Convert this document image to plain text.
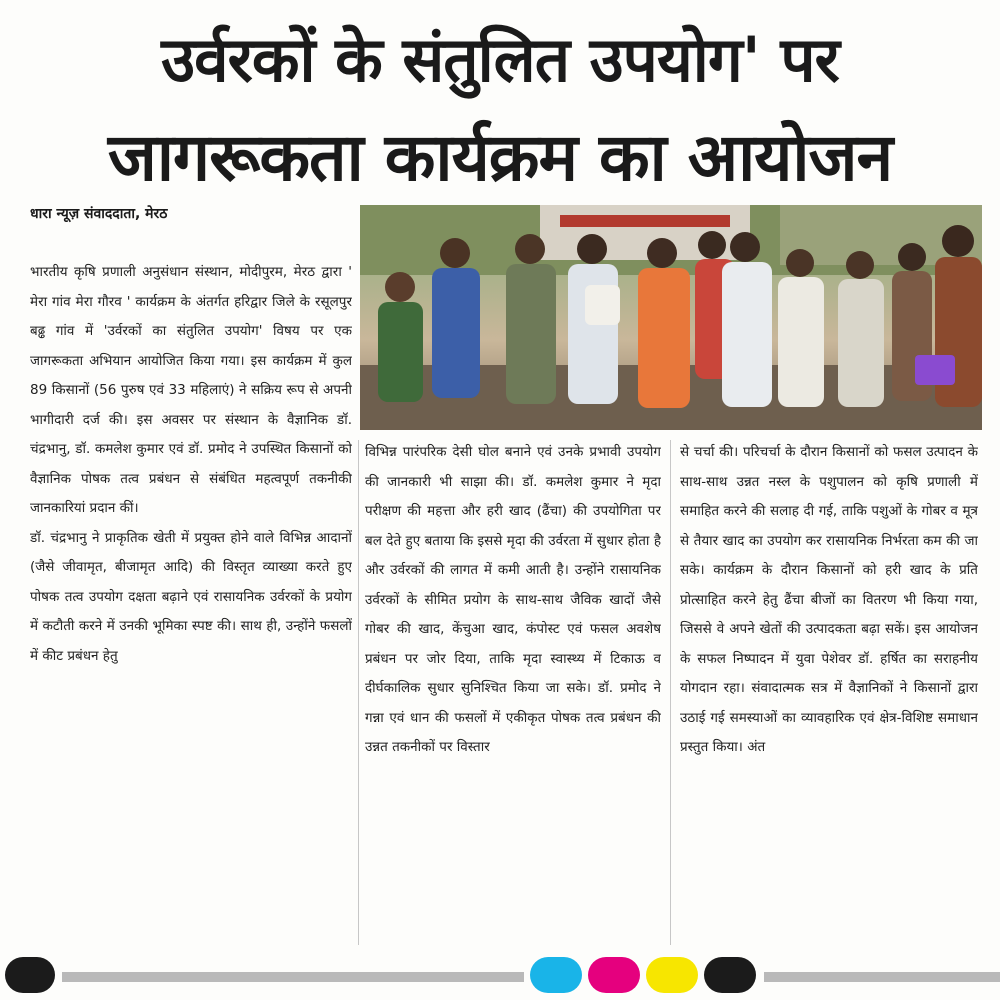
उर्वरकों के संतुलित उपयोग' पर
जागरूकता कार्यक्रम का आयोजन
धारा न्यूज़ संवाददाता, मेरठ

भारतीय कृषि प्रणाली अनुसंधान संस्थान, मोदीपुरम, मेरठ द्वारा ' मेरा गांव मेरा गौरव ' कार्यक्रम के अंतर्गत हरिद्वार जिले के रसूलपुर बढ्ढ गांव में 'उर्वरकों का संतुलित उपयोग' विषय पर एक जागरूकता अभियान आयोजित किया गया। इस कार्यक्रम में कुल 89 किसानों (56 पुरुष एवं 33 महिलाएं) ने सक्रिय रूप से अपनी भागीदारी दर्ज की। इस अवसर पर संस्थान के वैज्ञानिक डॉ. चंद्रभानु, डॉ. कमलेश कुमार एवं डॉ. प्रमोद ने उपस्थित किसानों को वैज्ञानिक पोषक तत्व प्रबंधन से संबंधित महत्वपूर्ण तकनीकी जानकारियां प्रदान कीं।

डॉ. चंद्रभानु ने प्राकृतिक खेती में प्रयुक्त होने वाले विभिन्न आदानों (जैसे जीवामृत, बीजामृत आदि) की विस्तृत व्याख्या करते हुए पोषक तत्व उपयोग दक्षता बढ़ाने एवं रासायनिक उर्वरकों के प्रयोग में कटौती करने में उनकी भूमिका स्पष्ट की। साथ ही, उन्होंने फसलों में कीट प्रबंधन हेतु

विभिन्न पारंपरिक देसी घोल बनाने एवं उनके प्रभावी उपयोग की जानकारी भी साझा की। डॉ. कमलेश कुमार ने मृदा परीक्षण की महत्ता और हरी खाद (ढैंचा) की उपयोगिता पर बल देते हुए बताया कि इससे मृदा की उर्वरता में सुधार होता है और उर्वरकों की लागत में कमी आती है। उन्होंने रासायनिक उर्वरकों के सीमित प्रयोग के साथ-साथ जैविक खादों जैसे गोबर की खाद, केंचुआ खाद, कंपोस्ट एवं फसल अवशेष प्रबंधन पर जोर दिया, ताकि मृदा स्वास्थ्य में टिकाऊ व दीर्घकालिक सुधार सुनिश्चित किया जा सके। डॉ. प्रमोद ने गन्ना एवं धान की फसलों में एकीकृत पोषक तत्व प्रबंधन की उन्नत तकनीकों पर विस्तार

से चर्चा की। परिचर्चा के दौरान किसानों को फसल उत्पादन के साथ-साथ उन्नत नस्ल के पशुपालन को कृषि प्रणाली में समाहित करने की सलाह दी गई, ताकि पशुओं के गोबर व मूत्र से तैयार खाद का उपयोग कर रासायनिक निर्भरता कम की जा सके। कार्यक्रम के दौरान किसानों को हरी खाद के प्रति प्रोत्साहित करने हेतु ढैंचा बीजों का वितरण भी किया गया, जिससे वे अपने खेतों की उत्पादकता बढ़ा सकें। इस आयोजन के सफल निष्पादन में युवा पेशेवर डॉ. हर्षित का सराहनीय योगदान रहा। संवादात्मक सत्र में वैज्ञानिकों ने किसानों द्वारा उठाई गई समस्याओं का व्यावहारिक एवं क्षेत्र-विशिष्ट समाधान प्रस्तुत किया। अंत
